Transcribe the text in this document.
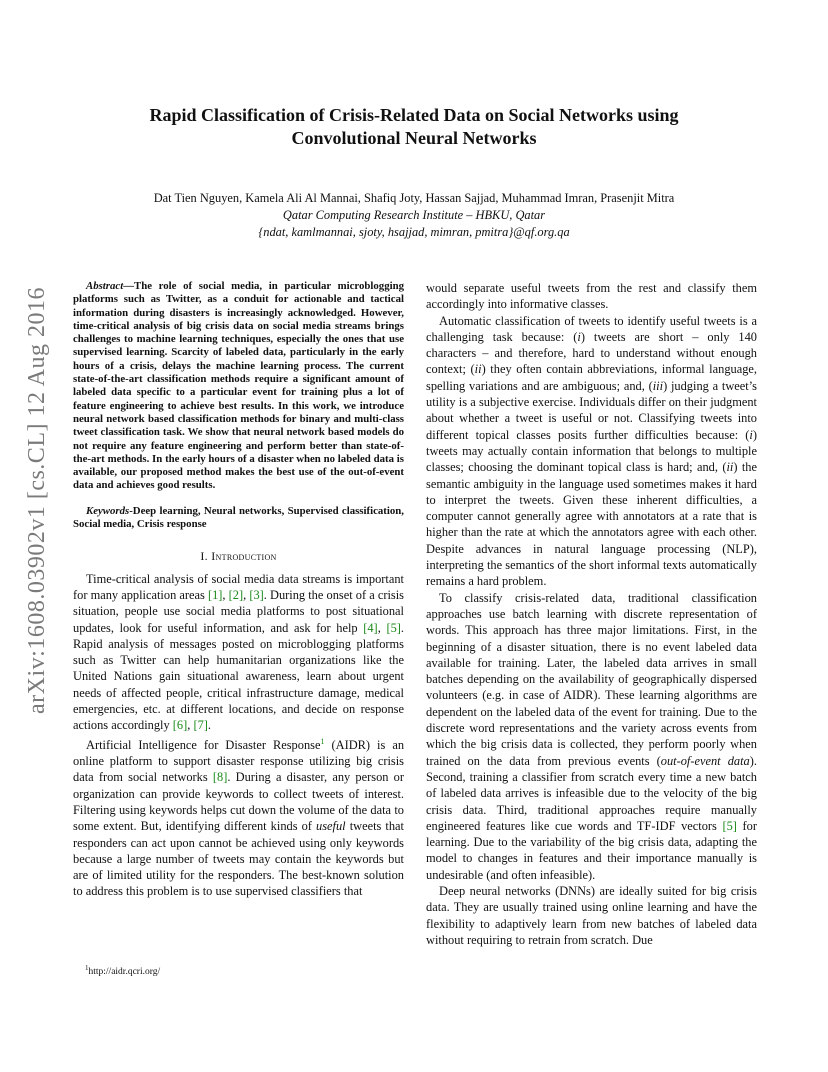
arXiv:1608.03902v1 [cs.CL] 12 Aug 2016
Rapid Classification of Crisis-Related Data on Social Networks using
Convolutional Neural Networks
Dat Tien Nguyen, Kamela Ali Al Mannai, Shafiq Joty, Hassan Sajjad, Muhammad Imran, Prasenjit Mitra
Qatar Computing Research Institute – HBKU, Qatar
{ndat, kamlmannai, sjoty, hsajjad, mimran, pmitra}@qf.org.qa

Abstract—The role of social media, in particular microblogging platforms such as Twitter, as a conduit for actionable and tactical information during disasters is increasingly acknowledged. However, time-critical analysis of big crisis data on social media streams brings challenges to machine learning techniques, especially the ones that use supervised learning. Scarcity of labeled data, particularly in the early hours of a crisis, delays the machine learning process. The current state-of-the-art classification methods require a significant amount of labeled data specific to a particular event for training plus a lot of feature engineering to achieve best results. In this work, we introduce neural network based classification methods for binary and multi-class tweet classification task. We show that neural network based models do not require any feature engineering and perform better than state-of-the-art methods. In the early hours of a disaster when no labeled data is available, our proposed method makes the best use of the out-of-event data and achieves good results.

Keywords-Deep learning, Neural networks, Supervised classification, Social media, Crisis response

I. Introduction

Time-critical analysis of social media data streams is important for many application areas [1], [2], [3]. During the onset of a crisis situation, people use social media platforms to post situational updates, look for useful information, and ask for help [4], [5]. Rapid analysis of messages posted on microblogging platforms such as Twitter can help humanitarian organizations like the United Nations gain situational awareness, learn about urgent needs of affected people, critical infrastructure damage, medical emergencies, etc. at different locations, and decide on response actions accordingly [6], [7].

Artificial Intelligence for Disaster Response$^1$ (AIDR) is an online platform to support disaster response utilizing big crisis data from social networks [8]. During a disaster, any person or organization can provide keywords to collect tweets of interest. Filtering using keywords helps cut down the volume of the data to some extent. But, identifying different kinds of useful tweets that responders can act upon cannot be achieved using only keywords because a large number of tweets may contain the keywords but are of limited utility for the responders. The best-known solution to address this problem is to use supervised classifiers that

would separate useful tweets from the rest and classify them accordingly into informative classes.

Automatic classification of tweets to identify useful tweets is a challenging task because: (i) tweets are short – only 140 characters – and therefore, hard to understand without enough context; (ii) they often contain abbreviations, informal language, spelling variations and are ambiguous; and, (iii) judging a tweet’s utility is a subjective exercise. Individuals differ on their judgment about whether a tweet is useful or not. Classifying tweets into different topical classes posits further difficulties because: (i) tweets may actually contain information that belongs to multiple classes; choosing the dominant topical class is hard; and, (ii) the semantic ambiguity in the language used sometimes makes it hard to interpret the tweets. Given these inherent difficulties, a computer cannot generally agree with annotators at a rate that is higher than the rate at which the annotators agree with each other. Despite advances in natural language processing (NLP), interpreting the semantics of the short informal texts automatically remains a hard problem.

To classify crisis-related data, traditional classification approaches use batch learning with discrete representation of words. This approach has three major limitations. First, in the beginning of a disaster situation, there is no event labeled data available for training. Later, the labeled data arrives in small batches depending on the availability of geographically dispersed volunteers (e.g. in case of AIDR). These learning algorithms are dependent on the labeled data of the event for training. Due to the discrete word representations and the variety across events from which the big crisis data is collected, they perform poorly when trained on the data from previous events (out-of-event data). Second, training a classifier from scratch every time a new batch of labeled data arrives is infeasible due to the velocity of the big crisis data. Third, traditional approaches require manually engineered features like cue words and TF-IDF vectors [5] for learning. Due to the variability of the big crisis data, adapting the model to changes in features and their importance manually is undesirable (and often infeasible).

Deep neural networks (DNNs) are ideally suited for big crisis data. They are usually trained using online learning and have the flexibility to adaptively learn from new batches of labeled data without requiring to retrain from scratch. Due

$^1$http://aidr.qcri.org/
